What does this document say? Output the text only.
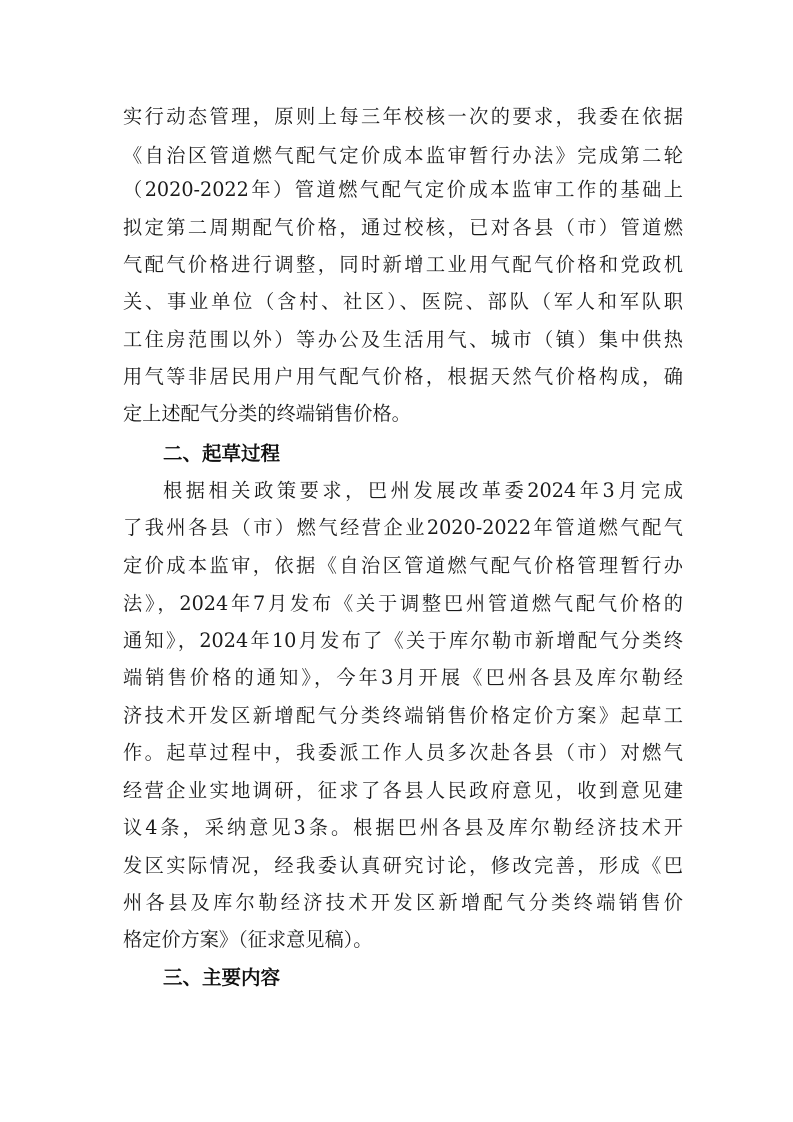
实行动态管理，原则上每三年校核一次的要求，我委在依据

《自治区管道燃气配气定价成本监审暂行办法》完成第二轮

（2020-2022年）管道燃气配气定价成本监审工作的基础上

拟定第二周期配气价格，通过校核，已对各县（市）管道燃

气配气价格进行调整，同时新增工业用气配气价格和党政机

关、事业单位（含村、社区）、医院、部队（军人和军队职

工住房范围以外）等办公及生活用气、城市（镇）集中供热

用气等非居民用户用气配气价格，根据天然气价格构成，确

定上述配气分类的终端销售价格。

二、起草过程

根据相关政策要求，巴州发展改革委2024年3月完成

了我州各县（市）燃气经营企业2020-2022年管道燃气配气

定价成本监审，依据《自治区管道燃气配气价格管理暂行办

法》，2024年7月发布《关于调整巴州管道燃气配气价格的

通知》，2024年10月发布了《关于库尔勒市新增配气分类终

端销售价格的通知》，今年3月开展《巴州各县及库尔勒经

济技术开发区新增配气分类终端销售价格定价方案》起草工

作。起草过程中，我委派工作人员多次赴各县（市）对燃气

经营企业实地调研，征求了各县人民政府意见，收到意见建

议4条，采纳意见3条。根据巴州各县及库尔勒经济技术开

发区实际情况，经我委认真研究讨论，修改完善，形成《巴

州各县及库尔勒经济技术开发区新增配气分类终端销售价

格定价方案》（征求意见稿）。

三、主要内容
